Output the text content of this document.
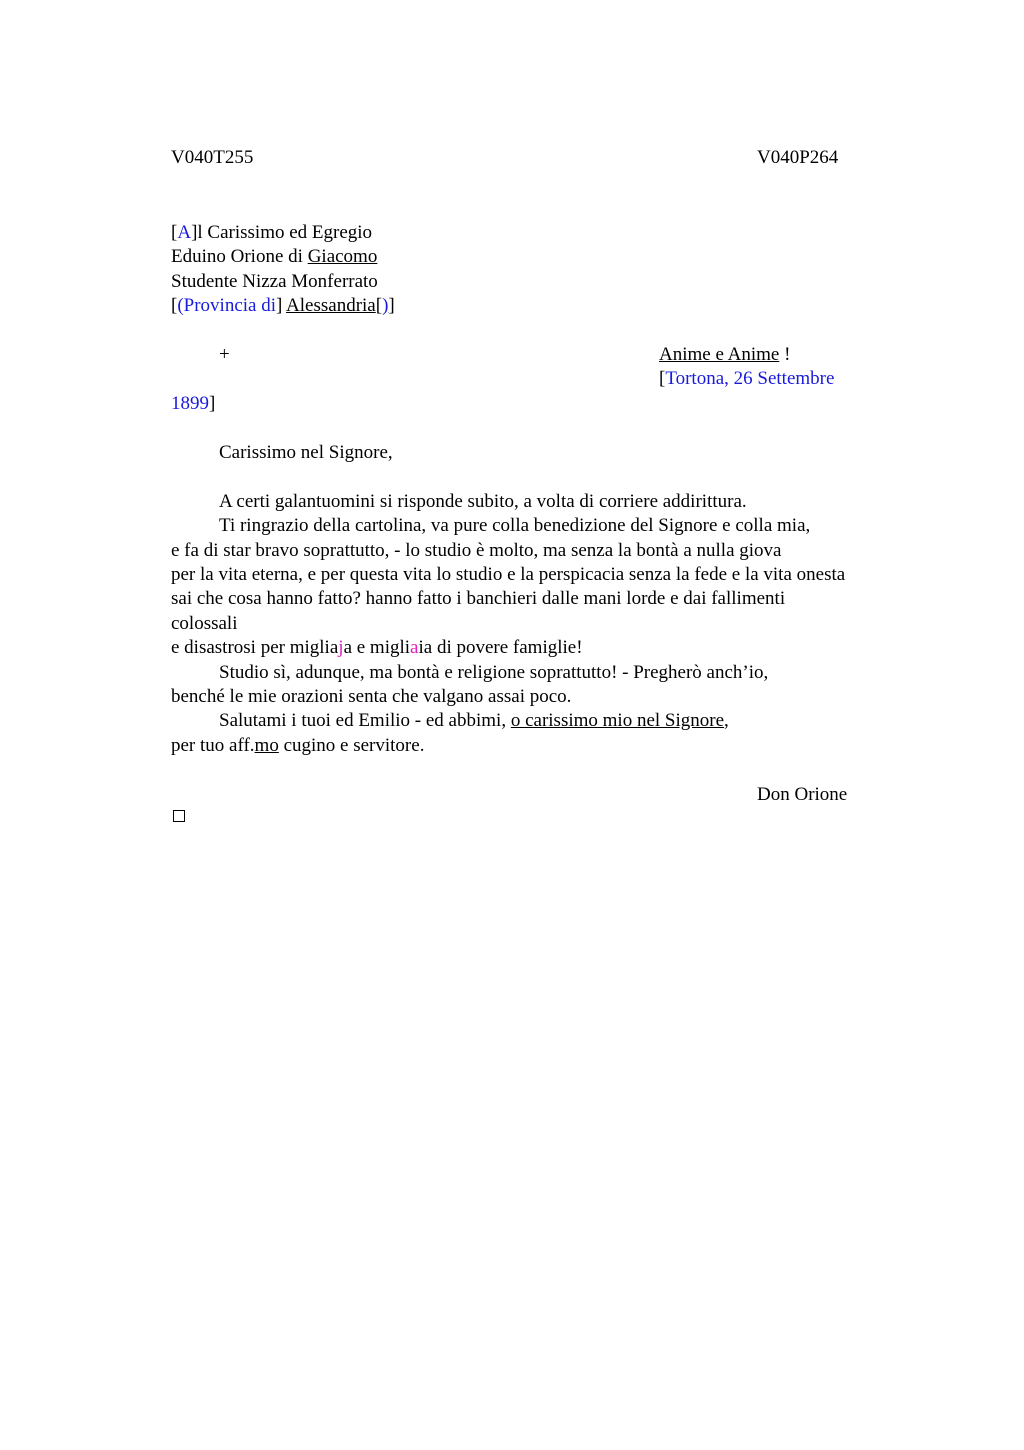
V040T255	V040P264
[A]l Carissimo ed Egregio
Eduino Orione di Giacomo
Studente Nizza Monferrato
[(Provincia di] Alessandria[)]
+	Anime e Anime !
[Tortona, 26 Settembre
1899]
Carissimo nel Signore,
A certi galantuomini si risponde subito, a volta di corriere addirittura.
Ti ringrazio della cartolina, va pure colla benedizione del Signore e colla mia,
e fa di star bravo soprattutto, - lo studio è molto, ma senza la bontà a nulla giova
per la vita eterna, e per questa vita lo studio e la perspicacia senza la fede e la vita onesta
sai che cosa hanno fatto? hanno fatto i banchieri dalle mani lorde e dai fallimenti
colossali
e disastrosi per migliaja e migliaia di povere famiglie!
Studio sì, adunque, ma bontà e religione soprattutto! - Pregherò anch’io,
benché le mie orazioni senta che valgano assai poco.
Salutami i tuoi ed Emilio - ed abbimi, o carissimo mio nel Signore,
per tuo aff.mo cugino e servitore.
Don Orione
